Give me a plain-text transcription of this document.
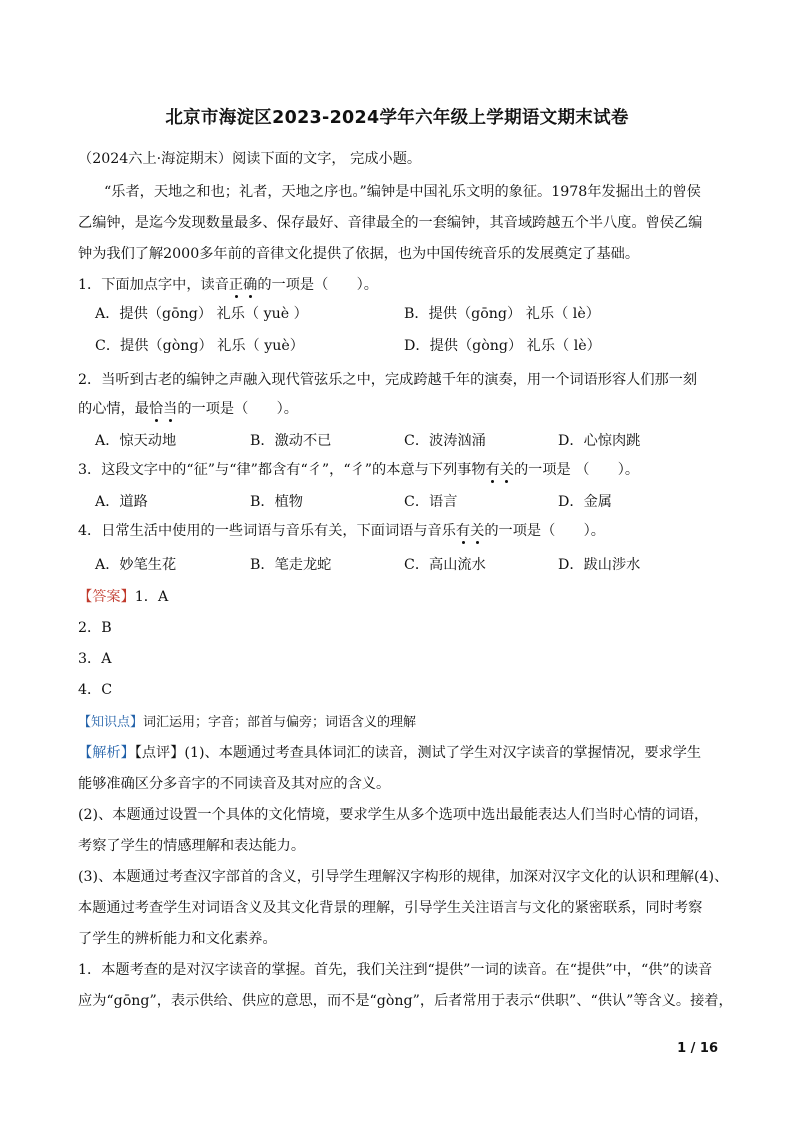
北京市海淀区2023-2024学年六年级上学期语文期末试卷
（2024六上·海淀期末）阅读下面的文字， 完成小题。
“乐者，天地之和也；礼者，天地之序也。”编钟是中国礼乐文明的象征。1978年发掘出土的曾侯
乙编钟，是迄今发现数量最多、保存最好、音律最全的一套编钟，其音域跨越五个半八度。曾侯乙编
钟为我们了解2000多年前的音律文化提供了依据，也为中国传统音乐的发展奠定了基础。
1．下面加点字中，读音正确的一项是（　　）。
A．提供（gōng） 礼乐（ yuè ）	B．提供（gōng） 礼乐（ lè）
C．提供（gòng） 礼乐（ yuè）	D．提供（gòng） 礼乐（ lè）
2．当听到古老的编钟之声融入现代管弦乐之中，完成跨越千年的演奏，用一个词语形容人们那一刻
的心情，最恰当的一项是（　　）。
A．惊天动地	B．激动不已	C．波涛汹涌	D．心惊肉跳
3．这段文字中的“征”与“律”都含有“彳”，“彳”的本意与下列事物有关的一项是 （　　）。
A．道路	B．植物	C．语言	D．金属
4．日常生活中使用的一些词语与音乐有关，下面词语与音乐有关的一项是（　　）。
A．妙笔生花	B．笔走龙蛇	C．高山流水	D．跋山涉水
【答案】1．A
2．B
3．A
4．C
【知识点】词汇运用；字音；部首与偏旁；词语含义的理解
【解析】【点评】(1)、本题通过考查具体词汇的读音，测试了学生对汉字读音的掌握情况，要求学生
能够准确区分多音字的不同读音及其对应的含义。
(2)、本题通过设置一个具体的文化情境，要求学生从多个选项中选出最能表达人们当时心情的词语，
考察了学生的情感理解和表达能力。
(3)、本题通过考查汉字部首的含义，引导学生理解汉字构形的规律，加深对汉字文化的认识和理解(4)、
本题通过考查学生对词语含义及其文化背景的理解，引导学生关注语言与文化的紧密联系，同时考察
了学生的辨析能力和文化素养。
1．本题考查的是对汉字读音的掌握。首先，我们关注到“提供”一词的读音。在“提供”中，“供”的读音
应为“gōng”，表示供给、供应的意思，而不是“gòng”，后者常用于表示“供职”、“供认”等含义。接着，
1 / 16
